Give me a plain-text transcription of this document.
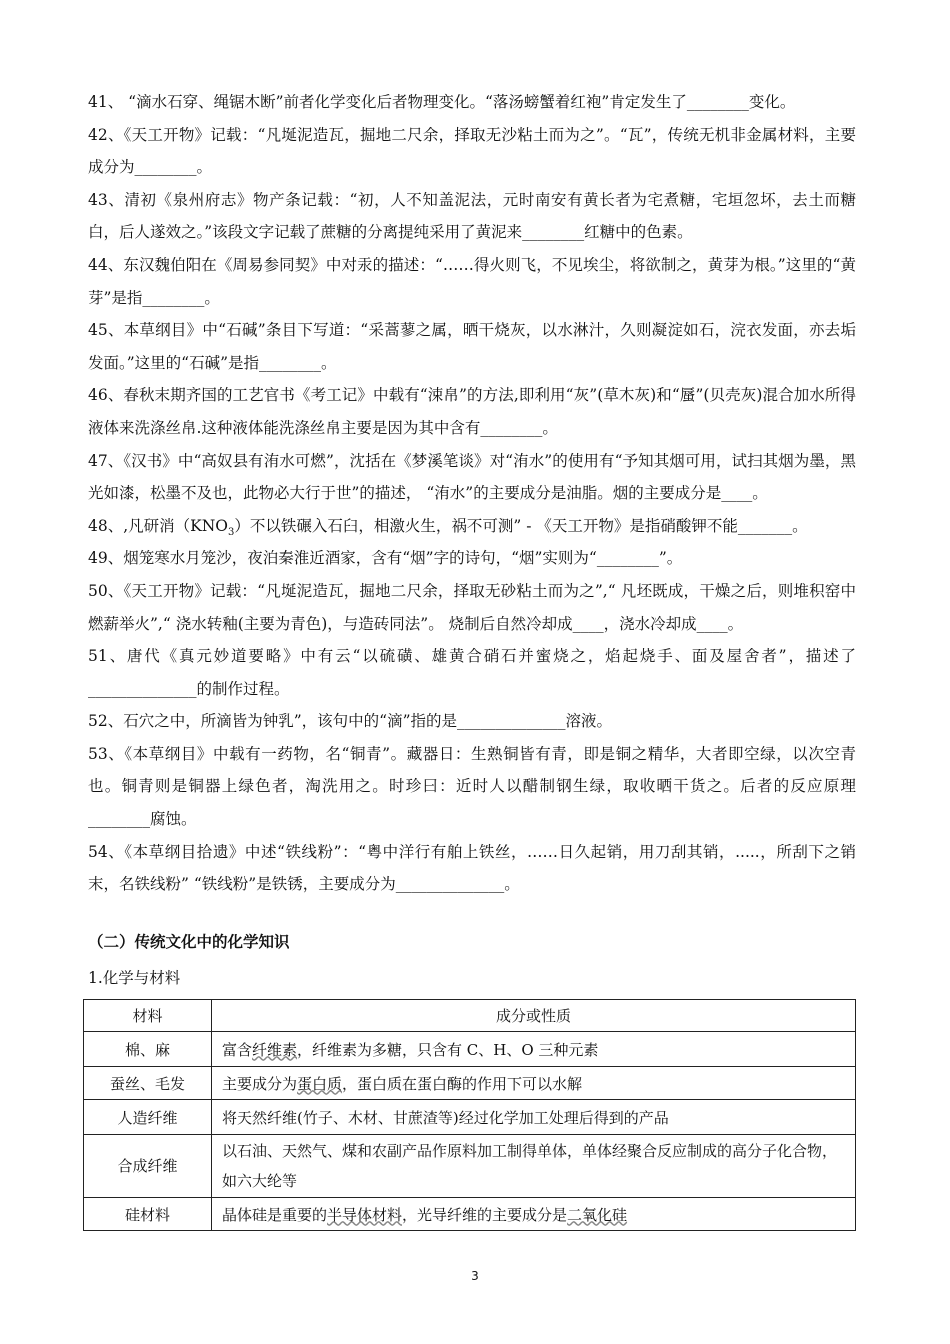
41、 “滴水石穿、绳锯木断”前者化学变化后者物理变化。“落汤螃蟹着红袍”肯定发生了________变化。

42、《天工开物》记载：“凡埏泥造瓦，掘地二尺余，择取无沙粘土而为之”。“瓦”，传统无机非金属材料，主要成分为________。

43、清初《泉州府志》物产条记载：“初，人不知盖泥法，元时南安有黄长者为宅煮糖，宅垣忽坏，去土而糖白，后人遂效之。”该段文字记载了蔗糖的分离提纯采用了黄泥来________红糖中的色素。

44、东汉魏伯阳在《周易参同契》中对汞的描述：“……得火则飞，不见埃尘，将欲制之，黄芽为根。”这里的“黄芽”是指________。

45、本草纲目》中“石碱”条目下写道：“采蒿蓼之属，晒干烧灰，以水淋汁，久则凝淀如石，浣衣发面，亦去垢发面。”这里的“石碱”是指________。

46、春秋末期齐国的工艺官书《考工记》中载有“涑帛”的方法,即利用“灰”(草木灰)和“蜃”(贝壳灰)混合加水所得液体来洗涤丝帛.这种液体能洗涤丝帛主要是因为其中含有________。

47、《汉书》中“高奴县有洧水可燃”，沈括在《梦溪笔谈》对“洧水”的使用有“予知其烟可用，试扫其烟为墨，黑光如漆，松墨不及也，此物必大行于世”的描述， “洧水”的主要成分是油脂。烟的主要成分是____。

48、,凡研消$(KNO_3)$不以铁碾入石臼，相激火生，祸不可测” - 《天工开物》是指硝酸钾不能_______。

49、烟笼寒水月笼沙，夜泊秦淮近酒家，含有“烟”字的诗句，“烟”实则为“________”。

50、《天工开物》记载：“凡埏泥造瓦，掘地二尺余，择取无砂粘土而为之”,“ 凡坯既成，干燥之后，则堆积窑中燃薪举火”,“ 浇水转釉(主要为青色)，与造砖同法”。 烧制后自然冷却成____，浇水冷却成____。

51、唐代《真元妙道要略》中有云“以硫磺、雄黄合硝石并蜜烧之，焰起烧手、面及屋舍者”，描述了______________的制作过程。

52、石穴之中，所滴皆为钟乳”，该句中的“滴”指的是______________溶液。

53、《本草纲目》中载有一药物，名“铜青”。藏器日：生熟铜皆有青，即是铜之精华，大者即空绿，以次空青也。铜青则是铜器上绿色者，淘洗用之。时珍曰：近时人以醋制钢生绿，取收晒干货之。后者的反应原理________腐蚀。

54、《本草纲目拾遗》中述“铁线粉”：“粤中洋行有舶上铁丝，……日久起销，用刀刮其销，.....，所刮下之销末，名铁线粉” “铁线粉”是铁锈，主要成分为______________。

（二）传统文化中的化学知识
1.化学与材料
材料	成分或性质
棉、麻	富含纤维素，纤维素为多糖，只含有 C、H、O 三种元素
蚕丝、毛发	主要成分为蛋白质，蛋白质在蛋白酶的作用下可以水解
人造纤维	将天然纤维(竹子、木材、甘蔗渣等)经过化学加工处理后得到的产品
合成纤维	以石油、天然气、煤和农副产品作原料加工制得单体，单体经聚合反应制成的高分子化合物，如六大纶等
硅材料	晶体硅是重要的半导体材料，光导纤维的主要成分是二氧化硅
3
